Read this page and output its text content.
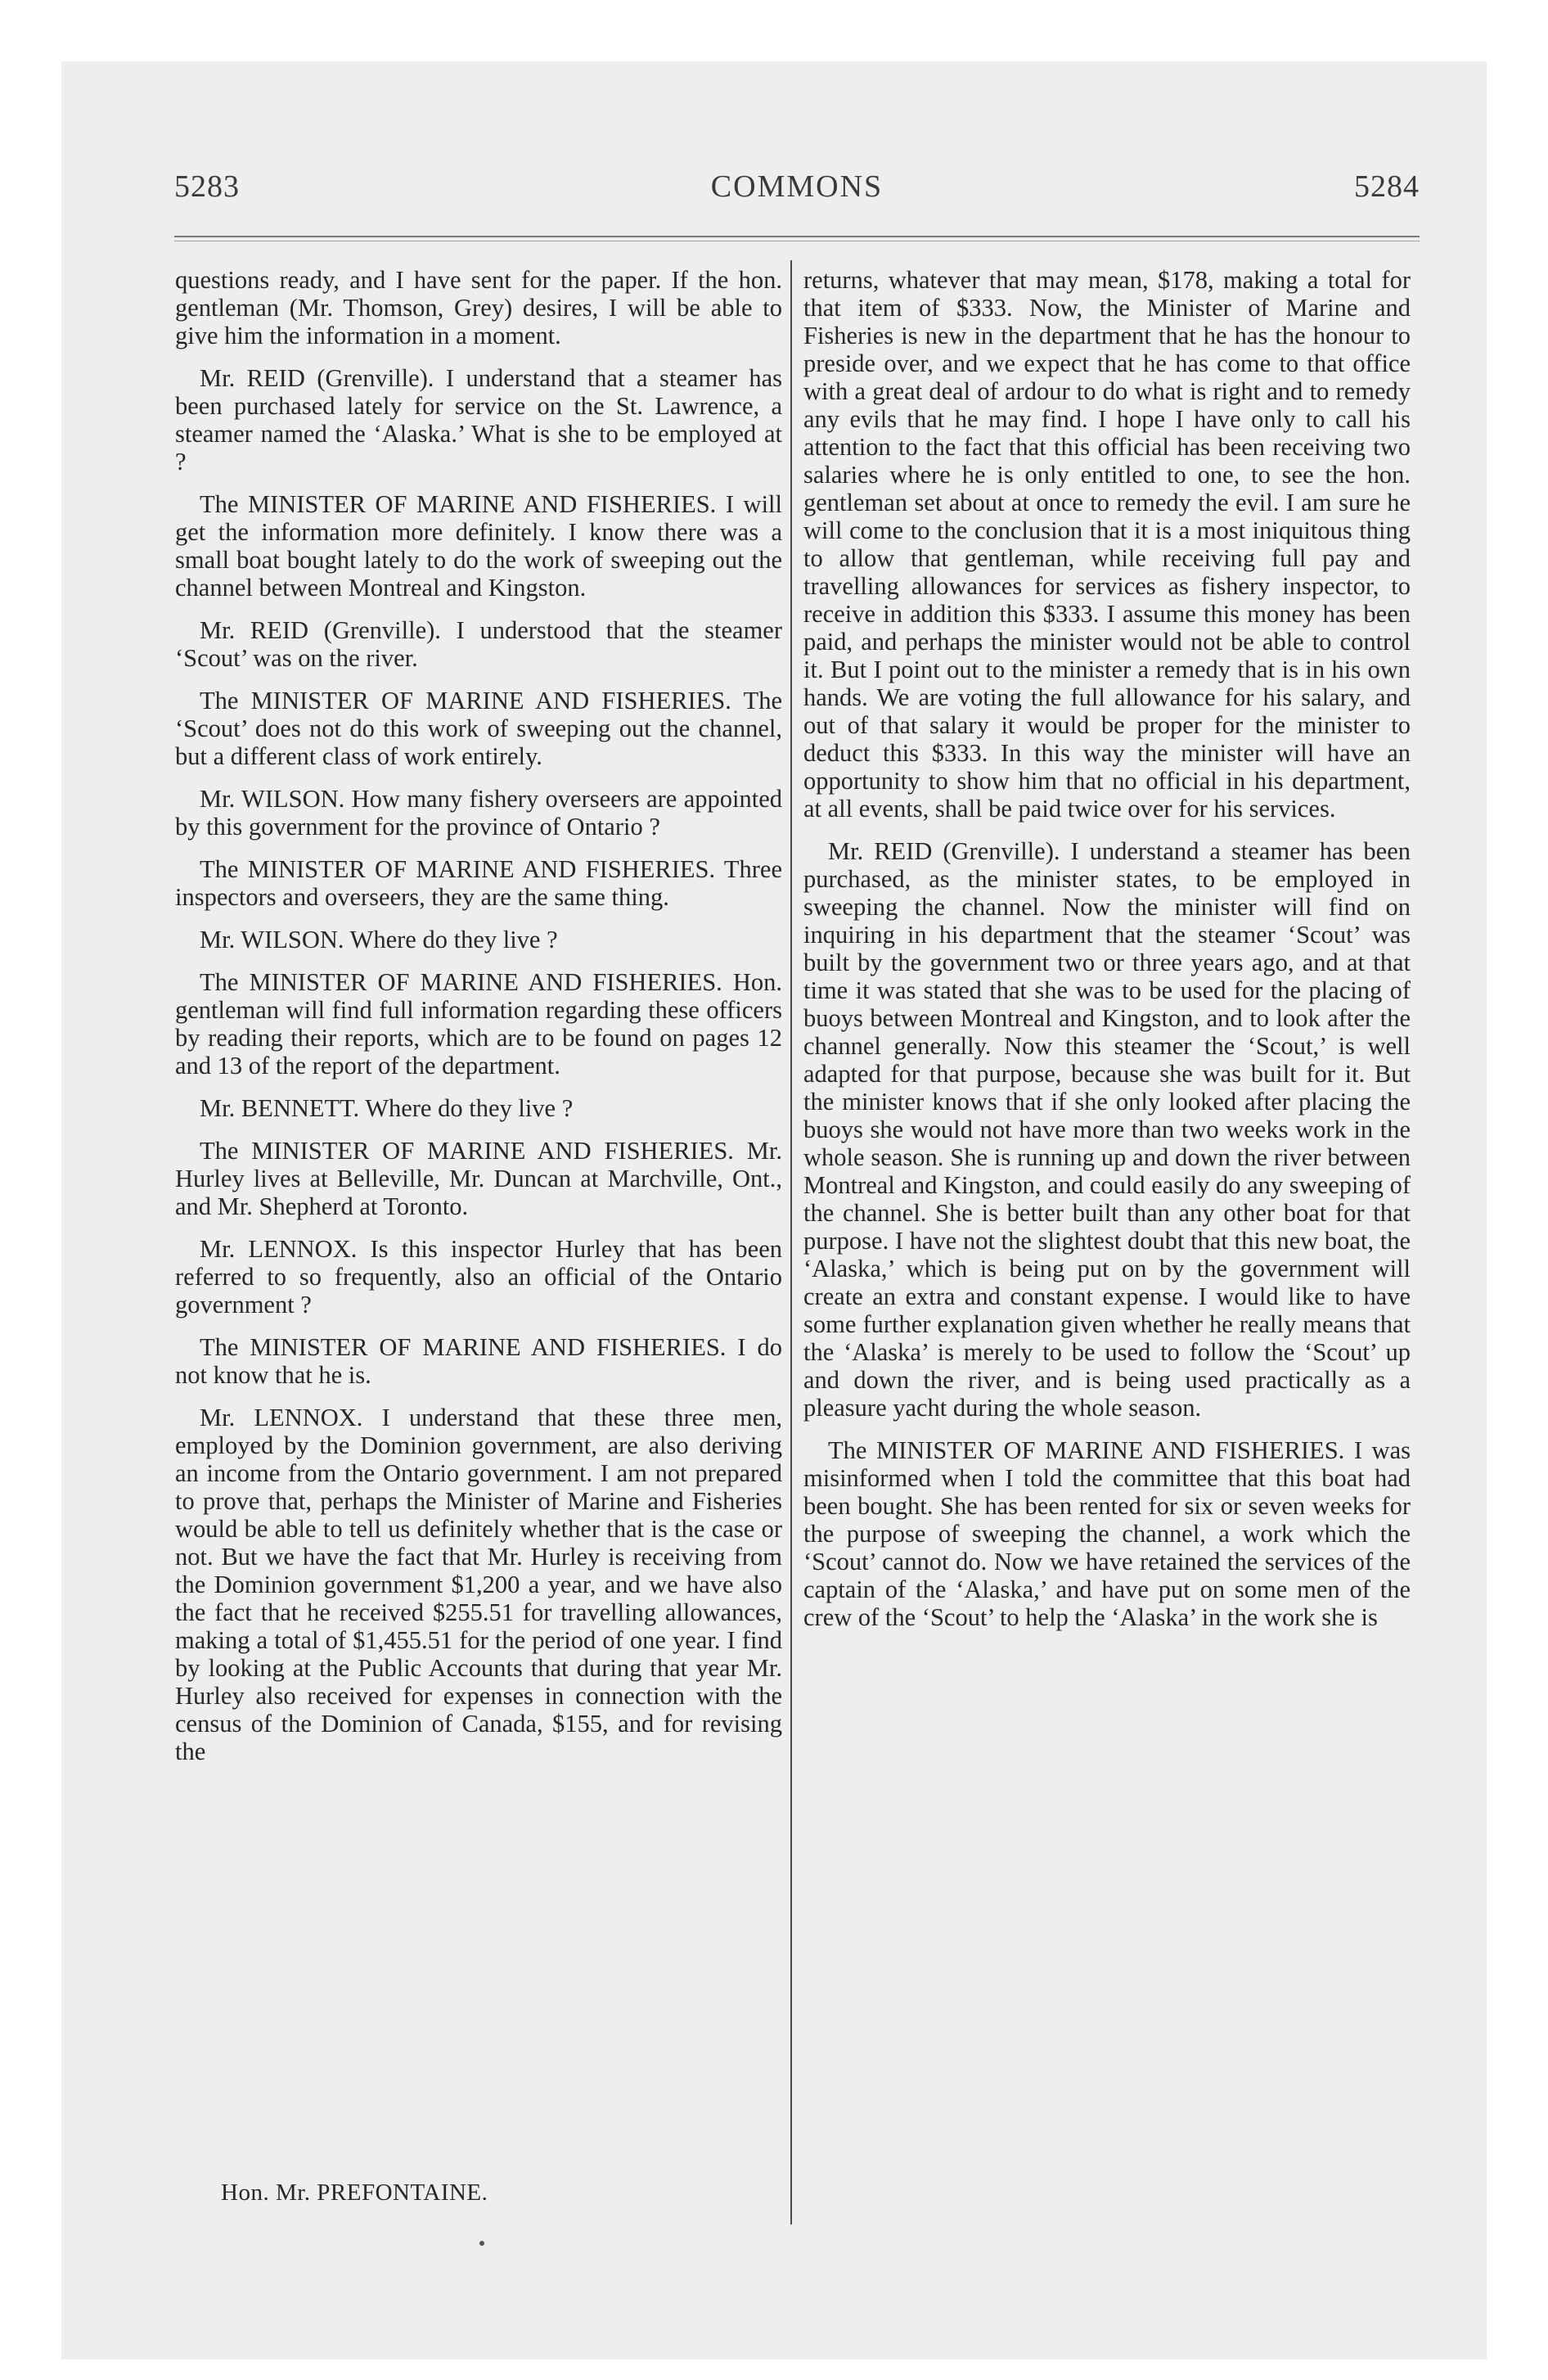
5283	COMMONS	5284

questions ready, and I have sent for the paper. If the hon. gentleman (Mr. Thomson, Grey) desires, I will be able to give him the information in a moment.

Mr. REID (Grenville). I understand that a steamer has been purchased lately for service on the St. Lawrence, a steamer named the ‘Alaska.’ What is she to be employed at ?

The MINISTER OF MARINE AND FISHERIES. I will get the information more definitely. I know there was a small boat bought lately to do the work of sweeping out the channel between Montreal and Kingston.

Mr. REID (Grenville). I understood that the steamer ‘Scout’ was on the river.

The MINISTER OF MARINE AND FISHERIES. The ‘Scout’ does not do this work of sweeping out the channel, but a different class of work entirely.

Mr. WILSON. How many fishery overseers are appointed by this government for the province of Ontario ?

The MINISTER OF MARINE AND FISHERIES. Three inspectors and overseers, they are the same thing.

Mr. WILSON. Where do they live ?

The MINISTER OF MARINE AND FISHERIES. Hon. gentleman will find full information regarding these officers by reading their reports, which are to be found on pages 12 and 13 of the report of the department.

Mr. BENNETT. Where do they live ?

The MINISTER OF MARINE AND FISHERIES. Mr. Hurley lives at Belleville, Mr. Duncan at Marchville, Ont., and Mr. Shepherd at Toronto.

Mr. LENNOX. Is this inspector Hurley that has been referred to so frequently, also an official of the Ontario government ?

The MINISTER OF MARINE AND FISHERIES. I do not know that he is.

Mr. LENNOX. I understand that these three men, employed by the Dominion government, are also deriving an income from the Ontario government. I am not prepared to prove that, perhaps the Minister of Marine and Fisheries would be able to tell us definitely whether that is the case or not. But we have the fact that Mr. Hurley is receiving from the Dominion government $1,200 a year, and we have also the fact that he received $255.51 for travelling allowances, making a total of $1,455.51 for the period of one year. I find by looking at the Public Accounts that during that year Mr. Hurley also received for expenses in connection with the census of the Dominion of Canada, $155, and for revising the

returns, whatever that may mean, $178, making a total for that item of $333. Now, the Minister of Marine and Fisheries is new in the department that he has the honour to preside over, and we expect that he has come to that office with a great deal of ardour to do what is right and to remedy any evils that he may find. I hope I have only to call his attention to the fact that this official has been receiving two salaries where he is only entitled to one, to see the hon. gentleman set about at once to remedy the evil. I am sure he will come to the conclusion that it is a most iniquitous thing to allow that gentleman, while receiving full pay and travelling allowances for services as fishery inspector, to receive in addition this $333. I assume this money has been paid, and perhaps the minister would not be able to control it. But I point out to the minister a remedy that is in his own hands. We are voting the full allowance for his salary, and out of that salary it would be proper for the minister to deduct this $333. In this way the minister will have an opportunity to show him that no official in his department, at all events, shall be paid twice over for his services.

Mr. REID (Grenville). I understand a steamer has been purchased, as the minister states, to be employed in sweeping the channel. Now the minister will find on inquiring in his department that the steamer ‘Scout’ was built by the government two or three years ago, and at that time it was stated that she was to be used for the placing of buoys between Montreal and Kingston, and to look after the channel generally. Now this steamer the ‘Scout,’ is well adapted for that purpose, because she was built for it. But the minister knows that if she only looked after placing the buoys she would not have more than two weeks work in the whole season. She is running up and down the river between Montreal and Kingston, and could easily do any sweeping of the channel. She is better built than any other boat for that purpose. I have not the slightest doubt that this new boat, the ‘Alaska,’ which is being put on by the government will create an extra and constant expense. I would like to have some further explanation given whether he really means that the ‘Alaska’ is merely to be used to follow the ‘Scout’ up and down the river, and is being used practically as a pleasure yacht during the whole season.

The MINISTER OF MARINE AND FISHERIES. I was misinformed when I told the committee that this boat had been bought. She has been rented for six or seven weeks for the purpose of sweeping the channel, a work which the ‘Scout’ cannot do. Now we have retained the services of the captain of the ‘Alaska,’ and have put on some men of the crew of the ‘Scout’ to help the ‘Alaska’ in the work she is

Hon. Mr. PREFONTAINE.
